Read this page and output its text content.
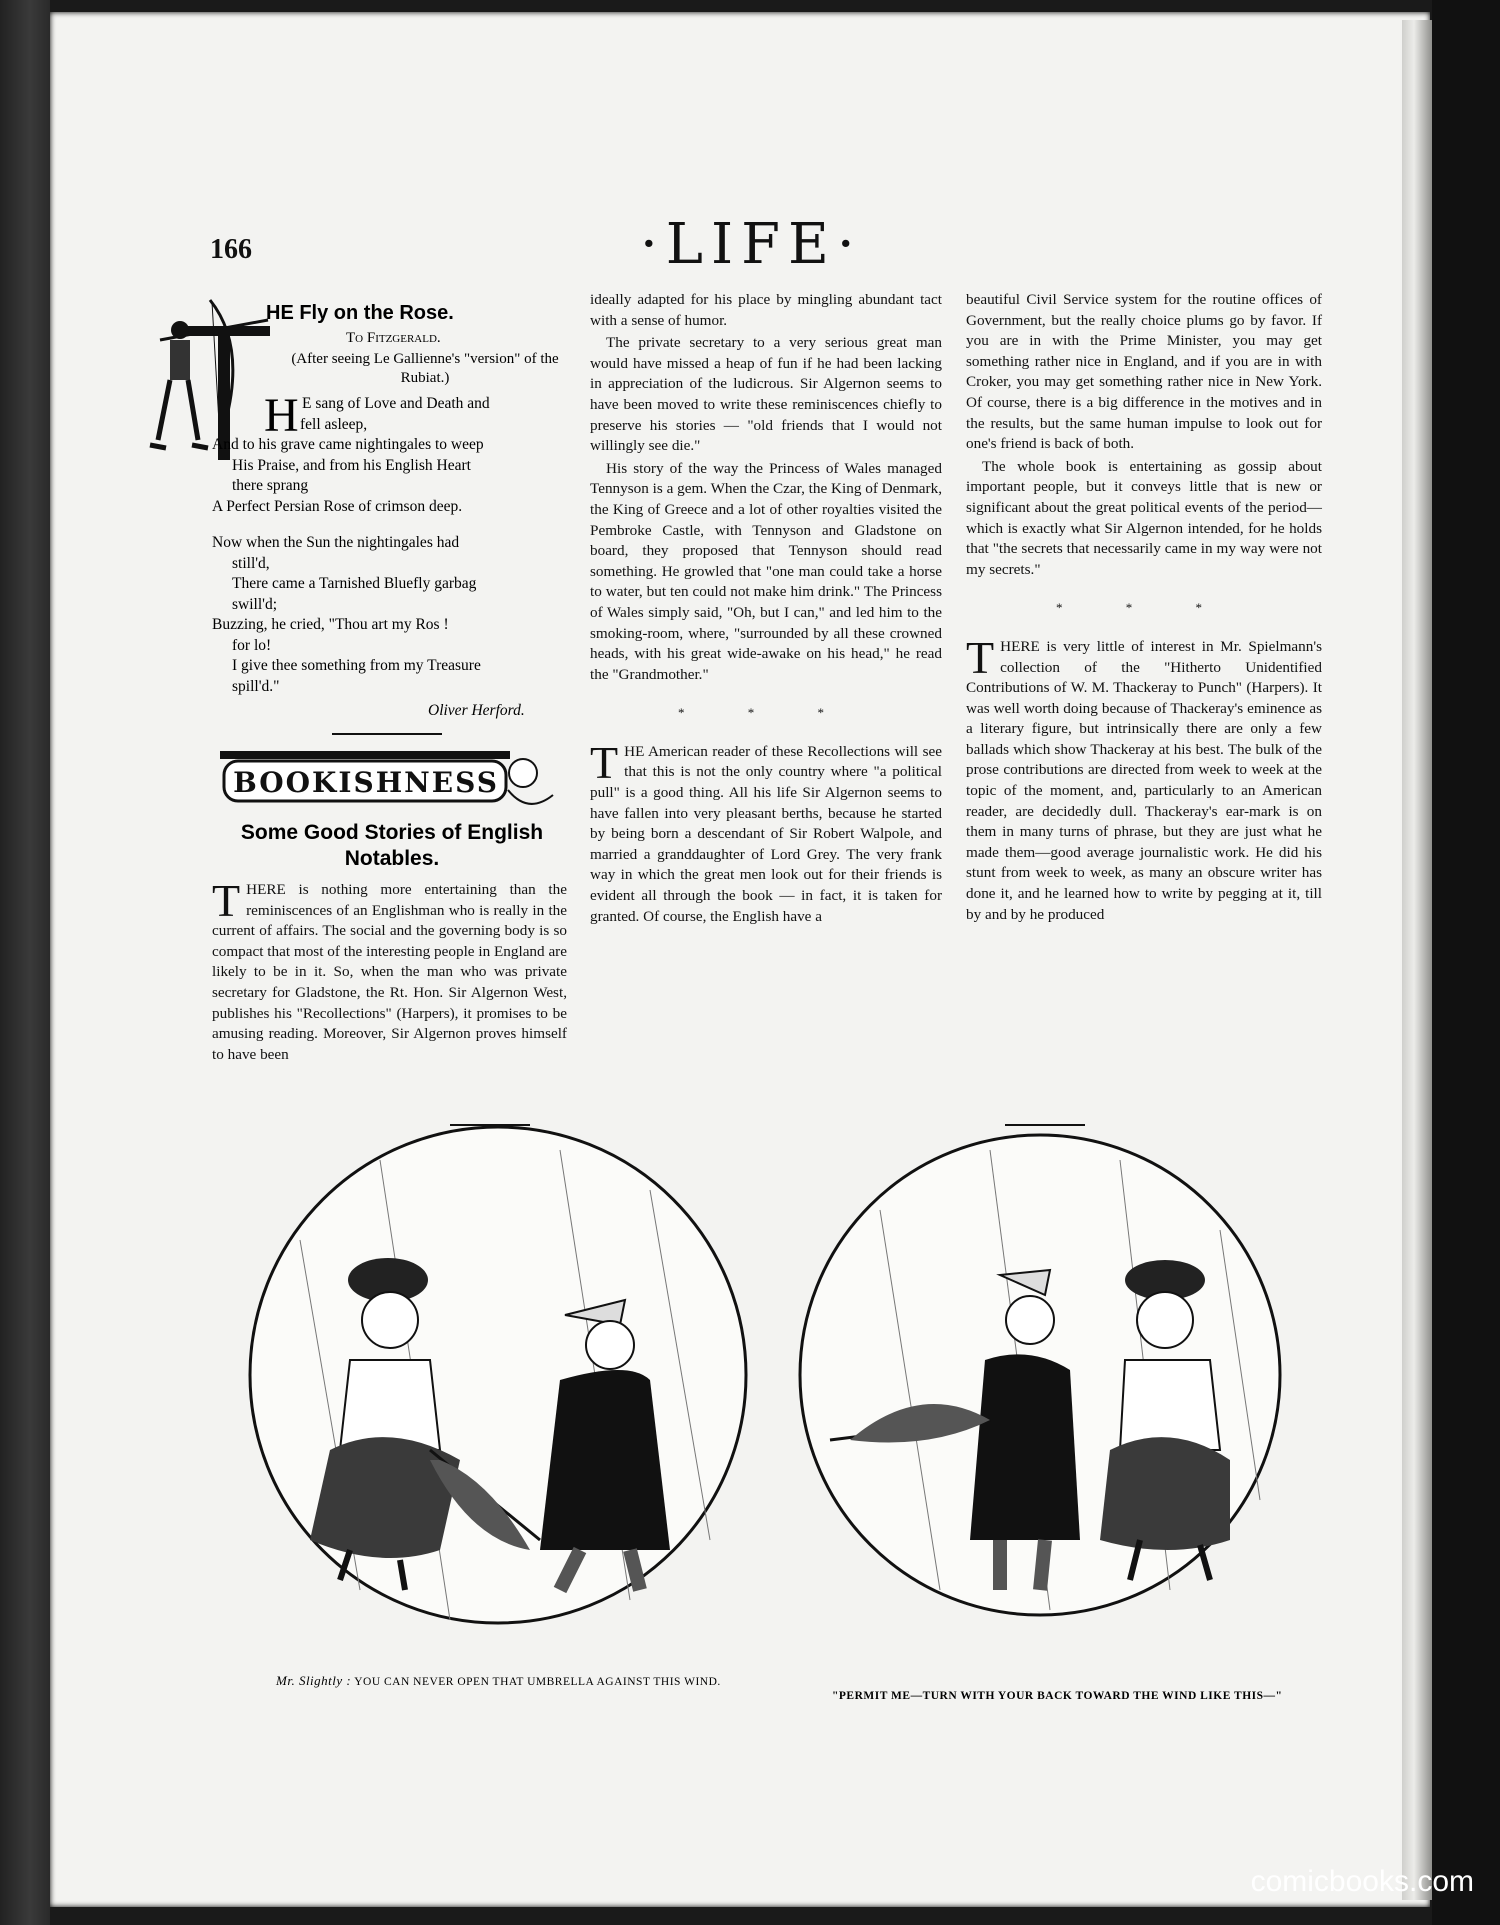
166	·LIFE·
HE Fly on the Rose.
To Fitzgerald.
(After seeing Le Gallienne's "version" of the Rubiat.)
H E sang of Love and Death and

fell asleep,

And to his grave came nightingales to weep

His Praise, and from his English Heart

there sprang

A Perfect Persian Rose of crimson deep.

Now when the Sun the nightingales had

still'd,

There came a Tarnished Bluefly garbag

swill'd;

Buzzing, he cried, "Thou art my Ros !

for lo!

I give thee something from my Treasure

spill'd."

Oliver Herford.
BOOKISHNESS
Some Good Stories of English Notables.

THERE is nothing more entertaining than the reminiscences of an Englishman who is really in the current of affairs. The social and the governing body is so compact that most of the interesting people in England are likely to be in it. So, when the man who was private secretary for Gladstone, the Rt. Hon. Sir Algernon West, publishes his "Recollections" (Harpers), it promises to be amusing reading. Moreover, Sir Algernon proves himself to have been

ideally adapted for his place by mingling abundant tact with a sense of humor.

The private secretary to a very serious great man would have missed a heap of fun if he had been lacking in appreciation of the ludicrous. Sir Algernon seems to have been moved to write these reminiscences chiefly to preserve his stories — "old friends that I would not willingly see die."

His story of the way the Princess of Wales managed Tennyson is a gem. When the Czar, the King of Denmark, the King of Greece and a lot of other royalties visited the Pembroke Castle, with Tennyson and Gladstone on board, they proposed that Tennyson should read something. He growled that "one man could take a horse to water, but ten could not make him drink." The Princess of Wales simply said, "Oh, but I can," and led him to the smoking-room, where, "surrounded by all these crowned heads, with his great wide-awake on his head," he read the "Grandmother."

* * *

THE American reader of these Recollections will see that this is not the only country where "a political pull" is a good thing. All his life Sir Algernon seems to have fallen into very pleasant berths, because he started by being born a descendant of Sir Robert Walpole, and married a granddaughter of Lord Grey. The very frank way in which the great men look out for their friends is evident all through the book — in fact, it is taken for granted. Of course, the English have a

beautiful Civil Service system for the routine offices of Government, but the really choice plums go by favor. If you are in with the Prime Minister, you may get something rather nice in England, and if you are in with Croker, you may get something rather nice in New York. Of course, there is a big difference in the motives and in the results, but the same human impulse to look out for one's friend is back of both.

The whole book is entertaining as gossip about important people, but it conveys little that is new or significant about the great political events of the period—which is exactly what Sir Algernon intended, for he holds that "the secrets that necessarily came in my way were not my secrets."

* * *

THERE is very little of interest in Mr. Spielmann's collection of the "Hitherto Unidentified Contributions of W. M. Thackeray to Punch" (Harpers). It was well worth doing because of Thackeray's eminence as a literary figure, but intrinsically there are only a few ballads which show Thackeray at his best. The bulk of the prose contributions are directed from week to week at the topic of the moment, and, particularly to an American reader, are decidedly dull. Thackeray's ear-mark is on them in many turns of phrase, but they are just what he made them—good average journalistic work. He did his stunt from week to week, as many an obscure writer has done it, and he learned how to write by pegging at it, till by and by he produced

Mr. Slightly : YOU CAN NEVER OPEN THAT UMBRELLA AGAINST THIS WIND.
"PERMIT ME—TURN WITH YOUR BACK TOWARD THE WIND LIKE THIS—"
comicbooks.com
